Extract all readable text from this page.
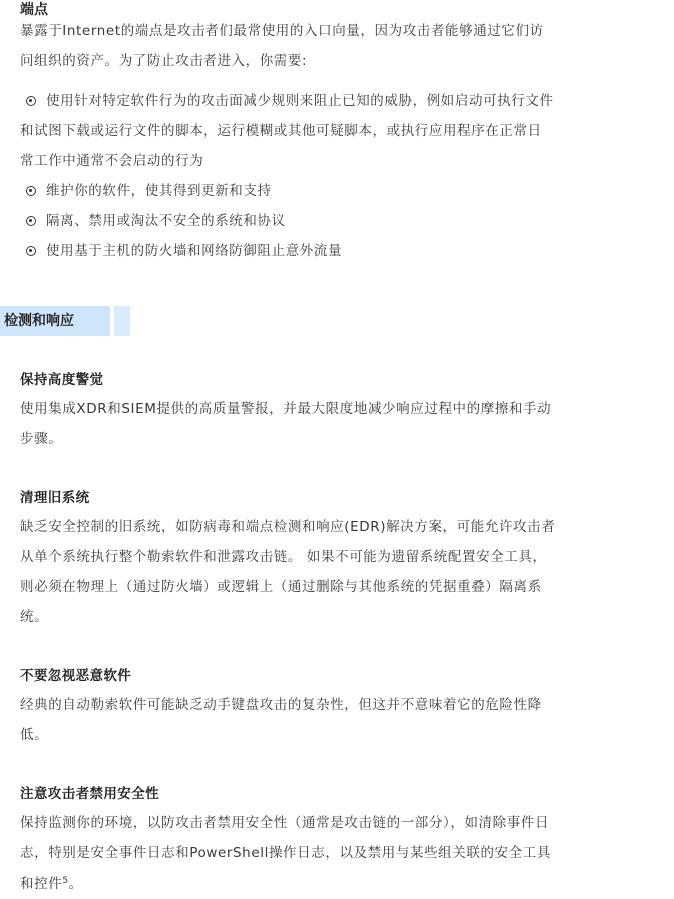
端点
暴露于Internet的端点是攻击者们最常使用的入口向量，因为攻击者能够通过它们访
问组织的资产。为了防止攻击者进入，你需要:
使用针对特定软件行为的攻击面减少规则来阻止已知的威胁，例如启动可执行文件
和试图下载或运行文件的脚本，运行模糊或其他可疑脚本，或执行应用程序在正常日
常工作中通常不会启动的行为
维护你的软件，使其得到更新和支持
隔离、禁用或淘汰不安全的系统和协议
使用基于主机的防火墙和网络防御阻止意外流量
检测和响应
保持高度警觉
使用集成XDR和SIEM提供的高质量警报，并最大限度地减少响应过程中的摩擦和手动
步骤。
清理旧系统
缺乏安全控制的旧系统，如防病毒和端点检测和响应(EDR)解决方案，可能允许攻击者
从单个系统执行整个勒索软件和泄露攻击链。 如果不可能为遗留系统配置安全工具，
则必须在物理上（通过防火墙）或逻辑上（通过删除与其他系统的凭据重叠）隔离系
统。
不要忽视恶意软件
经典的自动勒索软件可能缺乏动手键盘攻击的复杂性，但这并不意味着它的危险性降
低。
注意攻击者禁用安全性
保持监测你的环境，以防攻击者禁用安全性（通常是攻击链的一部分），如清除事件日
志，特别是安全事件日志和PowerShell操作日志，以及禁用与某些组关联的安全工具
和控件$^5$。
